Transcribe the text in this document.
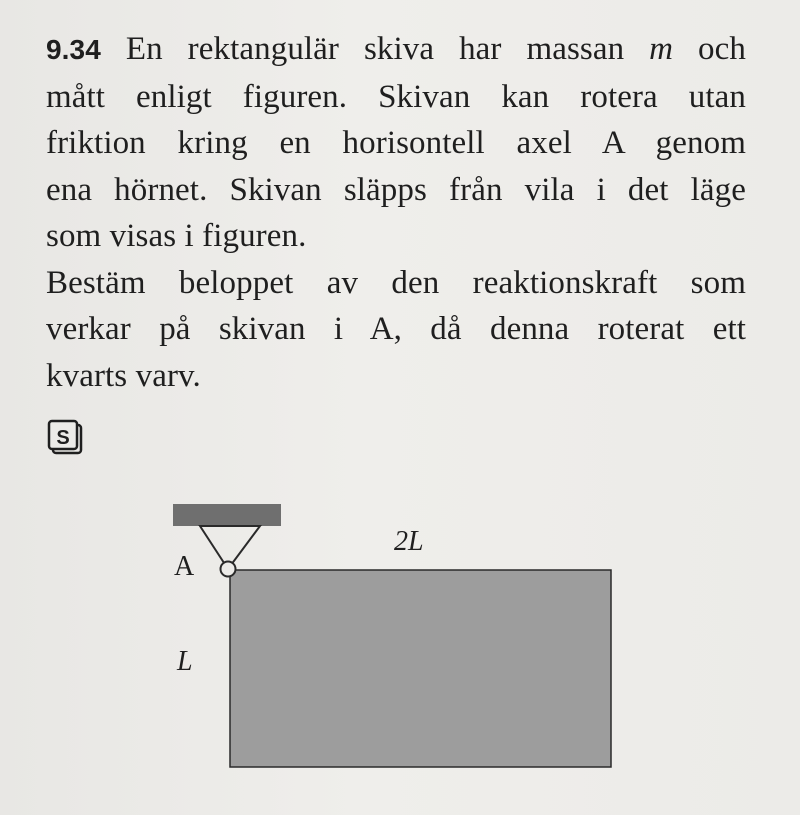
9.34 En rektangulär skiva har massan m och
mått enligt figuren. Skivan kan rotera utan
friktion kring en horisontell axel A genom
ena hörnet. Skivan släpps från vila i det läge
som visas i figuren.
Bestäm beloppet av den reaktionskraft som
verkar på skivan i A, då denna roterat ett
kvarts varv.
S
A
2L
L
